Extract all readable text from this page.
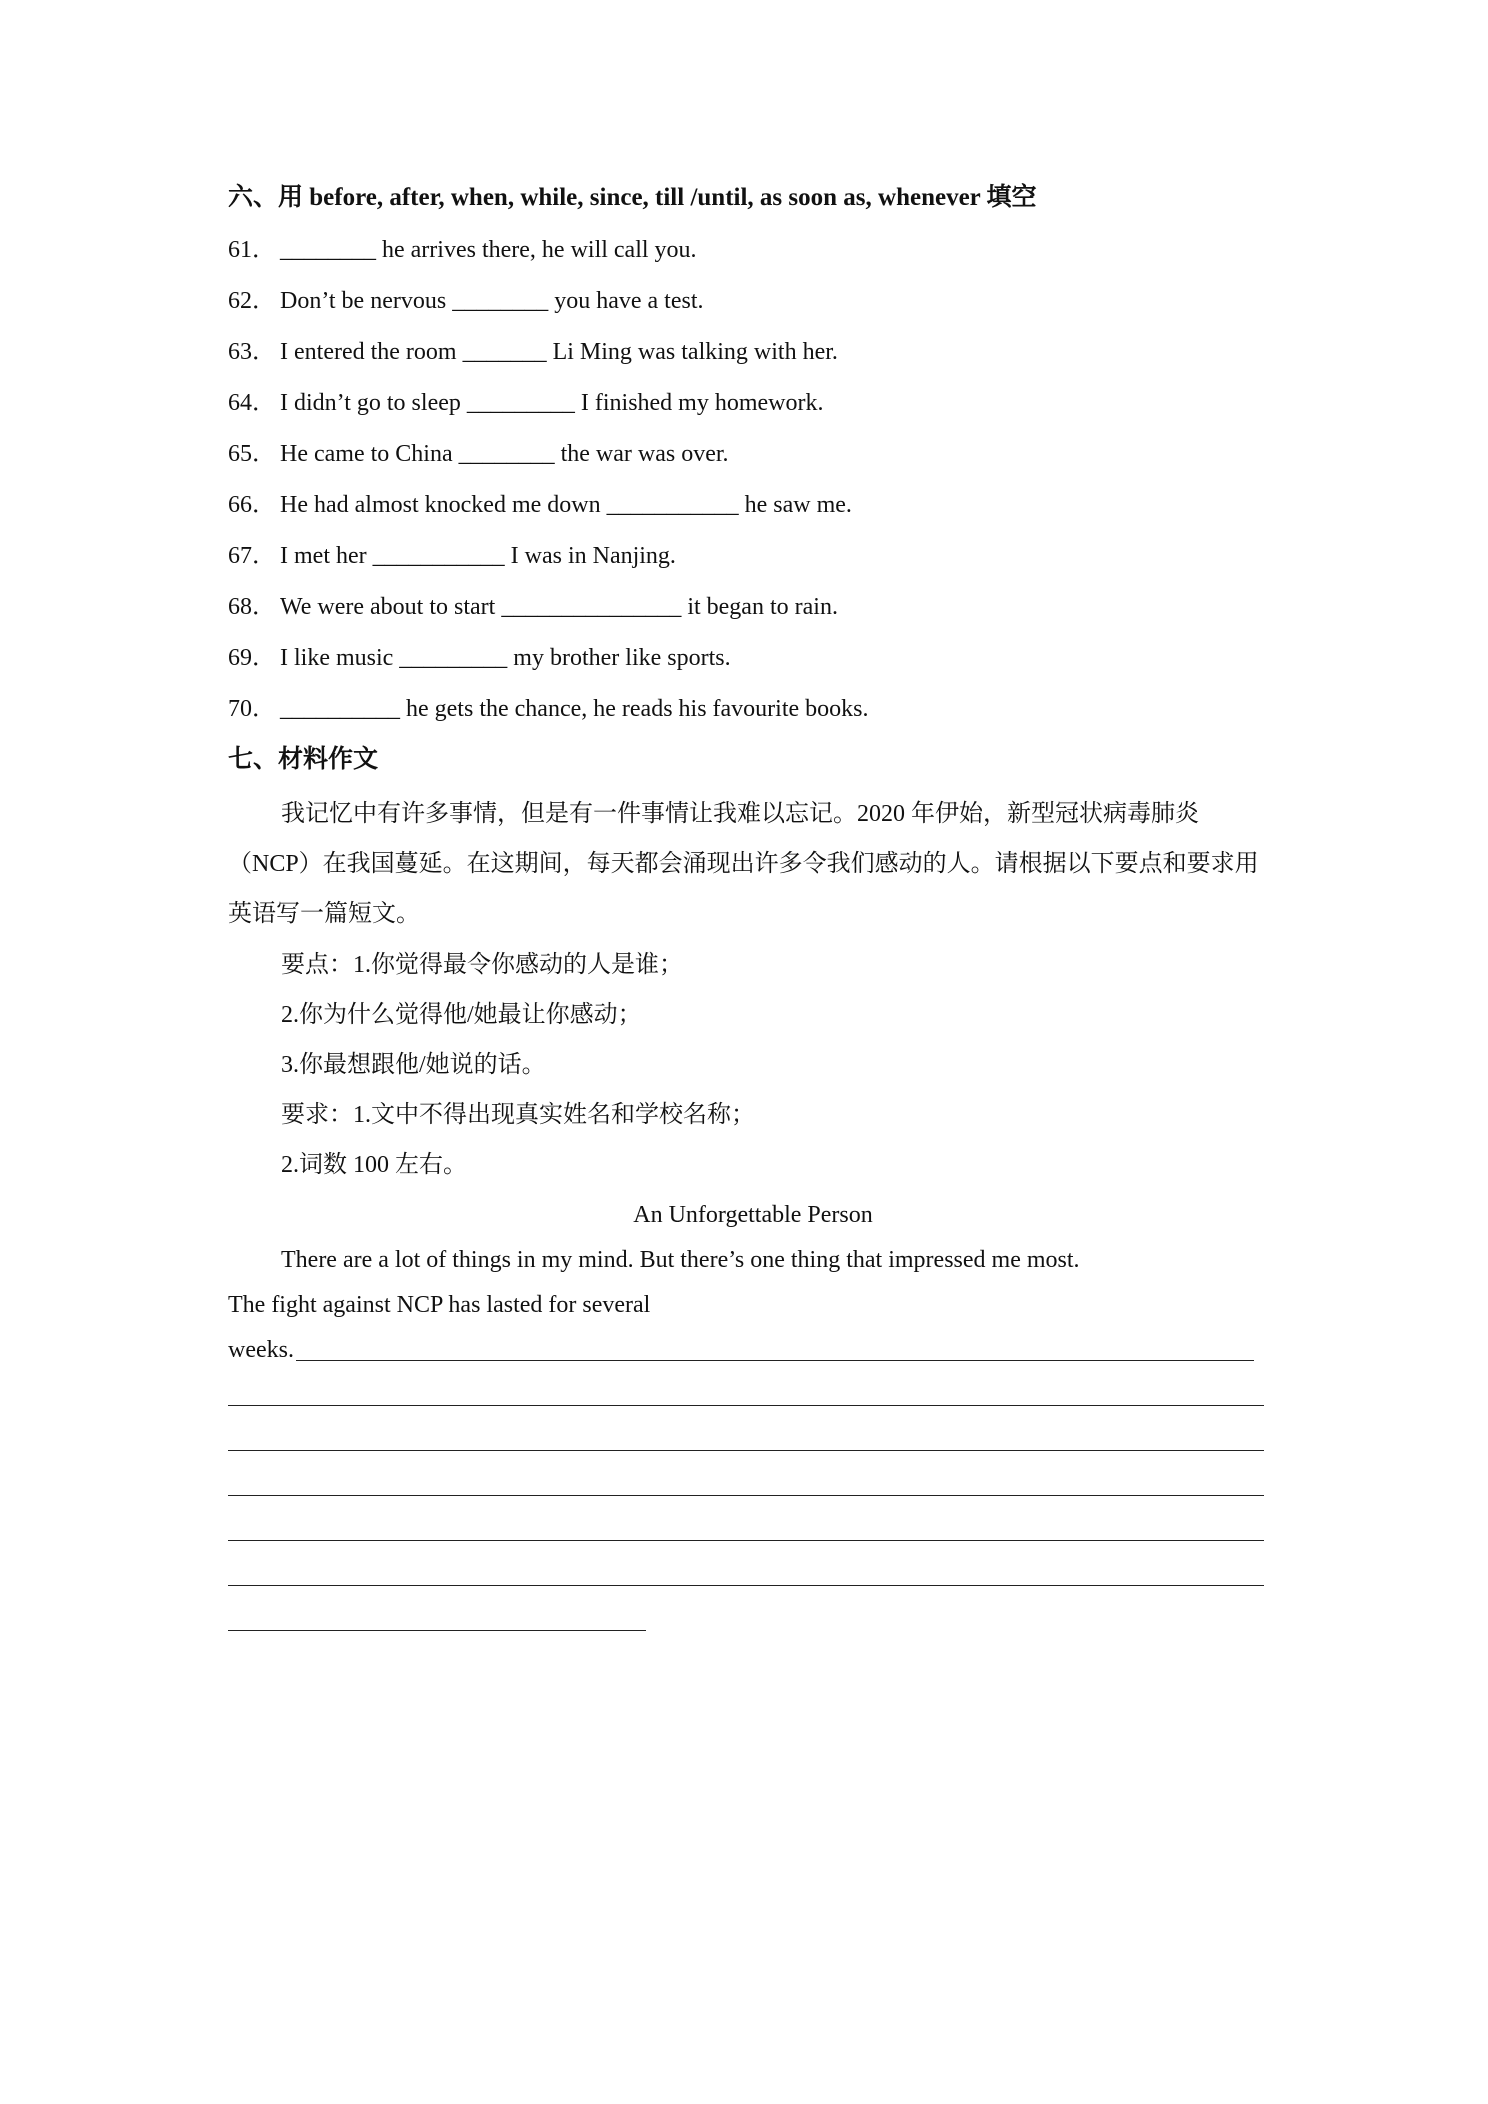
六、用 before, after, when, while, since, till /until, as soon as, whenever 填空
61． ________ he arrives there, he will call you.
62． Don’t be nervous ________ you have a test.
63． I entered the room _______ Li Ming was talking with her.
64． I didn’t go to sleep _________ I finished my homework.
65． He came to China ________ the war was over.
66． He had almost knocked me down ___________ he saw me.
67． I met her ___________ I was in Nanjing.
68． We were about to start _______________ it began to rain.
69． I like music _________ my brother like sports.
70． __________ he gets the chance, he reads his favourite books.
七、材料作文
我记忆中有许多事情，但是有一件事情让我难以忘记。2020 年伊始，新型冠状病毒肺炎（NCP）在我国蔓延。在这期间，每天都会涌现出许多令我们感动的人。请根据以下要点和要求用英语写一篇短文。
要点：1.你觉得最令你感动的人是谁；
2.你为什么觉得他/她最让你感动；
3.你最想跟他/她说的话。
要求：1.文中不得出现真实姓名和学校名称；
2.词数 100 左右。
An Unforgettable Person
There are a lot of things in my mind. But there’s one thing that impressed me most.
The fight against NCP has lasted for several
weeks.
